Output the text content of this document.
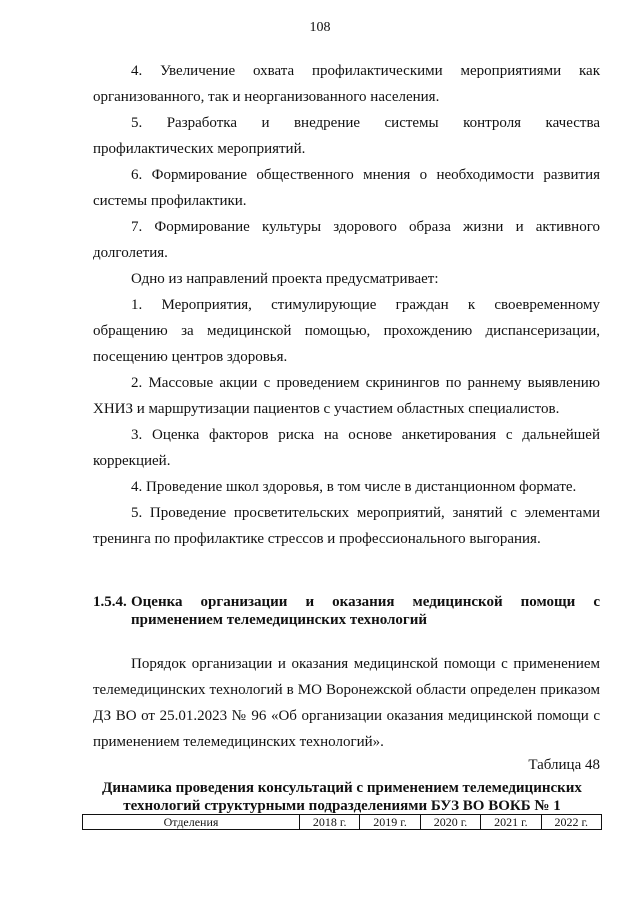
108

4. Увеличение охвата профилактическими мероприятиями как организованного, так и неорганизованного населения.

5. Разработка и внедрение системы контроля качества профилактических мероприятий.

6. Формирование общественного мнения о необходимости развития системы профилактики.

7. Формирование культуры здорового образа жизни и активного долголетия.

Одно из направлений проекта предусматривает:

1. Мероприятия, стимулирующие граждан к своевременному обращению за медицинской помощью, прохождению диспансеризации, посещению центров здоровья.

2. Массовые акции с проведением скринингов по раннему выявлению ХНИЗ и маршрутизации пациентов с участием областных специалистов.

3. Оценка факторов риска на основе анкетирования с дальнейшей коррекцией.

4. Проведение школ здоровья, в том числе в дистанционном формате.

5. Проведение просветительских мероприятий, занятий с элементами тренинга по профилактике стрессов и профессионального выгорания.

1.5.4. Оценка организации и оказания медицинской помощи с
применением телемедицинских технологий

Порядок организации и оказания медицинской помощи с применением телемедицинских технологий в МО Воронежской области определен приказом ДЗ ВО от 25.01.2023 № 96 «Об организации оказания медицинской помощи с применением телемедицинских технологий».

Таблица 48
Динамика проведения консультаций с применением телемедицинских технологий структурными подразделениями БУЗ ВО ВОКБ № 1
Отделения	2018 г.	2019 г.	2020 г.	2021 г.	2022 г.
